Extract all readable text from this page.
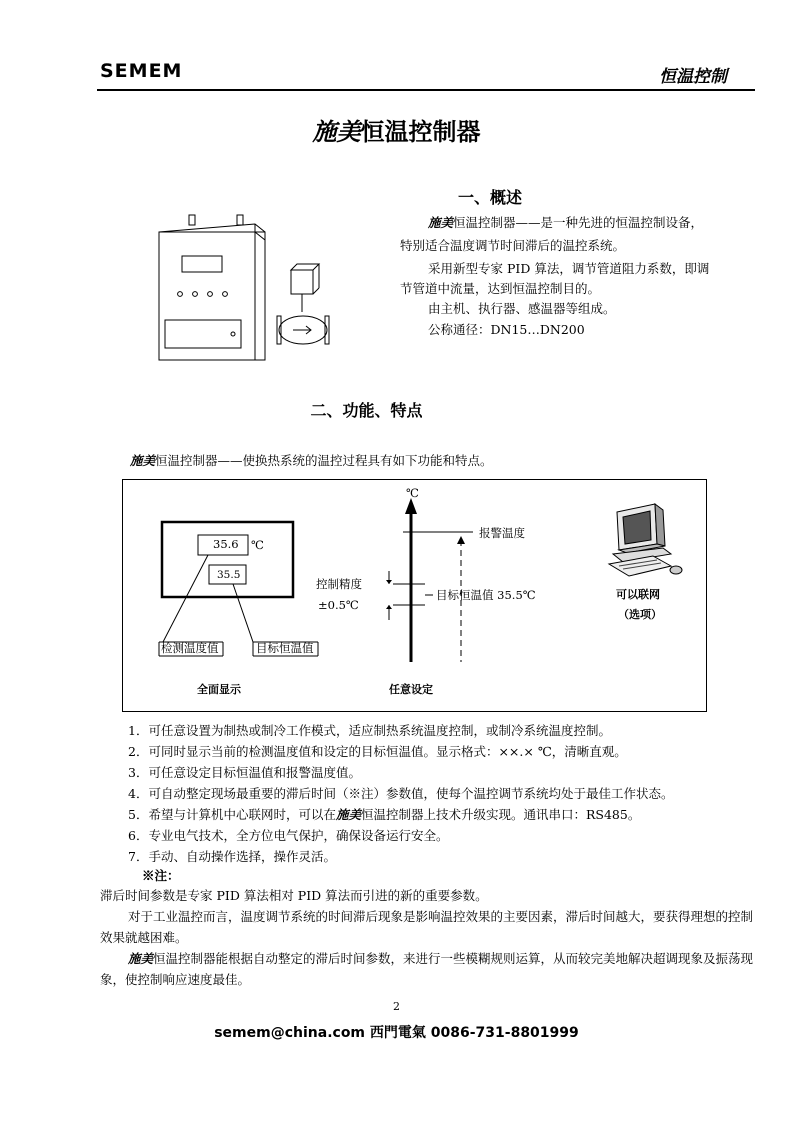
SEMEM	恒温控制
施美恒温控制器
一、概述
施美恒温控制器——是一种先进的恒温控制设备，
特别适合温度调节时间滞后的温控系统。
采用新型专家 PID 算法，调节管道阻力系数，即调
节管道中流量，达到恒温控制目的。
由主机、执行器、感温器等组成。
公称通径：DN15…DN200
二、功能、特点
施美恒温控制器——使换热系统的温控过程具有如下功能和特点。
35.6 ℃
35.5
检测温度值	目标恒温值
全面显示
℃
报警温度
控制精度
±0.5℃
目标恒温值 35.5℃
任意设定
可以联网
（选项）
1．可任意设置为制热或制冷工作模式，适应制热系统温度控制，或制冷系统温度控制。
2．可同时显示当前的检测温度值和设定的目标恒温值。显示格式：××.× ℃，清晰直观。
3．可任意设定目标恒温值和报警温度值。
4．可自动整定现场最重要的滞后时间（※注）参数值，使每个温控调节系统均处于最佳工作状态。
5．希望与计算机中心联网时，可以在施美恒温控制器上技术升级实现。通讯串口：RS485。
6．专业电气技术，全方位电气保护，确保设备运行安全。
7．手动、自动操作选择，操作灵活。
※注：

滞后时间参数是专家 PID 算法相对 PID 算法而引进的新的重要参数。

对于工业温控而言，温度调节系统的时间滞后现象是影响温控效果的主要因素，滞后时间越大，要获得理想的控制效果就越困难。

施美恒温控制器能根据自动整定的滞后时间参数，来进行一些模糊规则运算，从而较完美地解决超调现象及振荡现象，使控制响应速度最佳。

2
semem@china.com 西門電氣 0086-731-8801999
